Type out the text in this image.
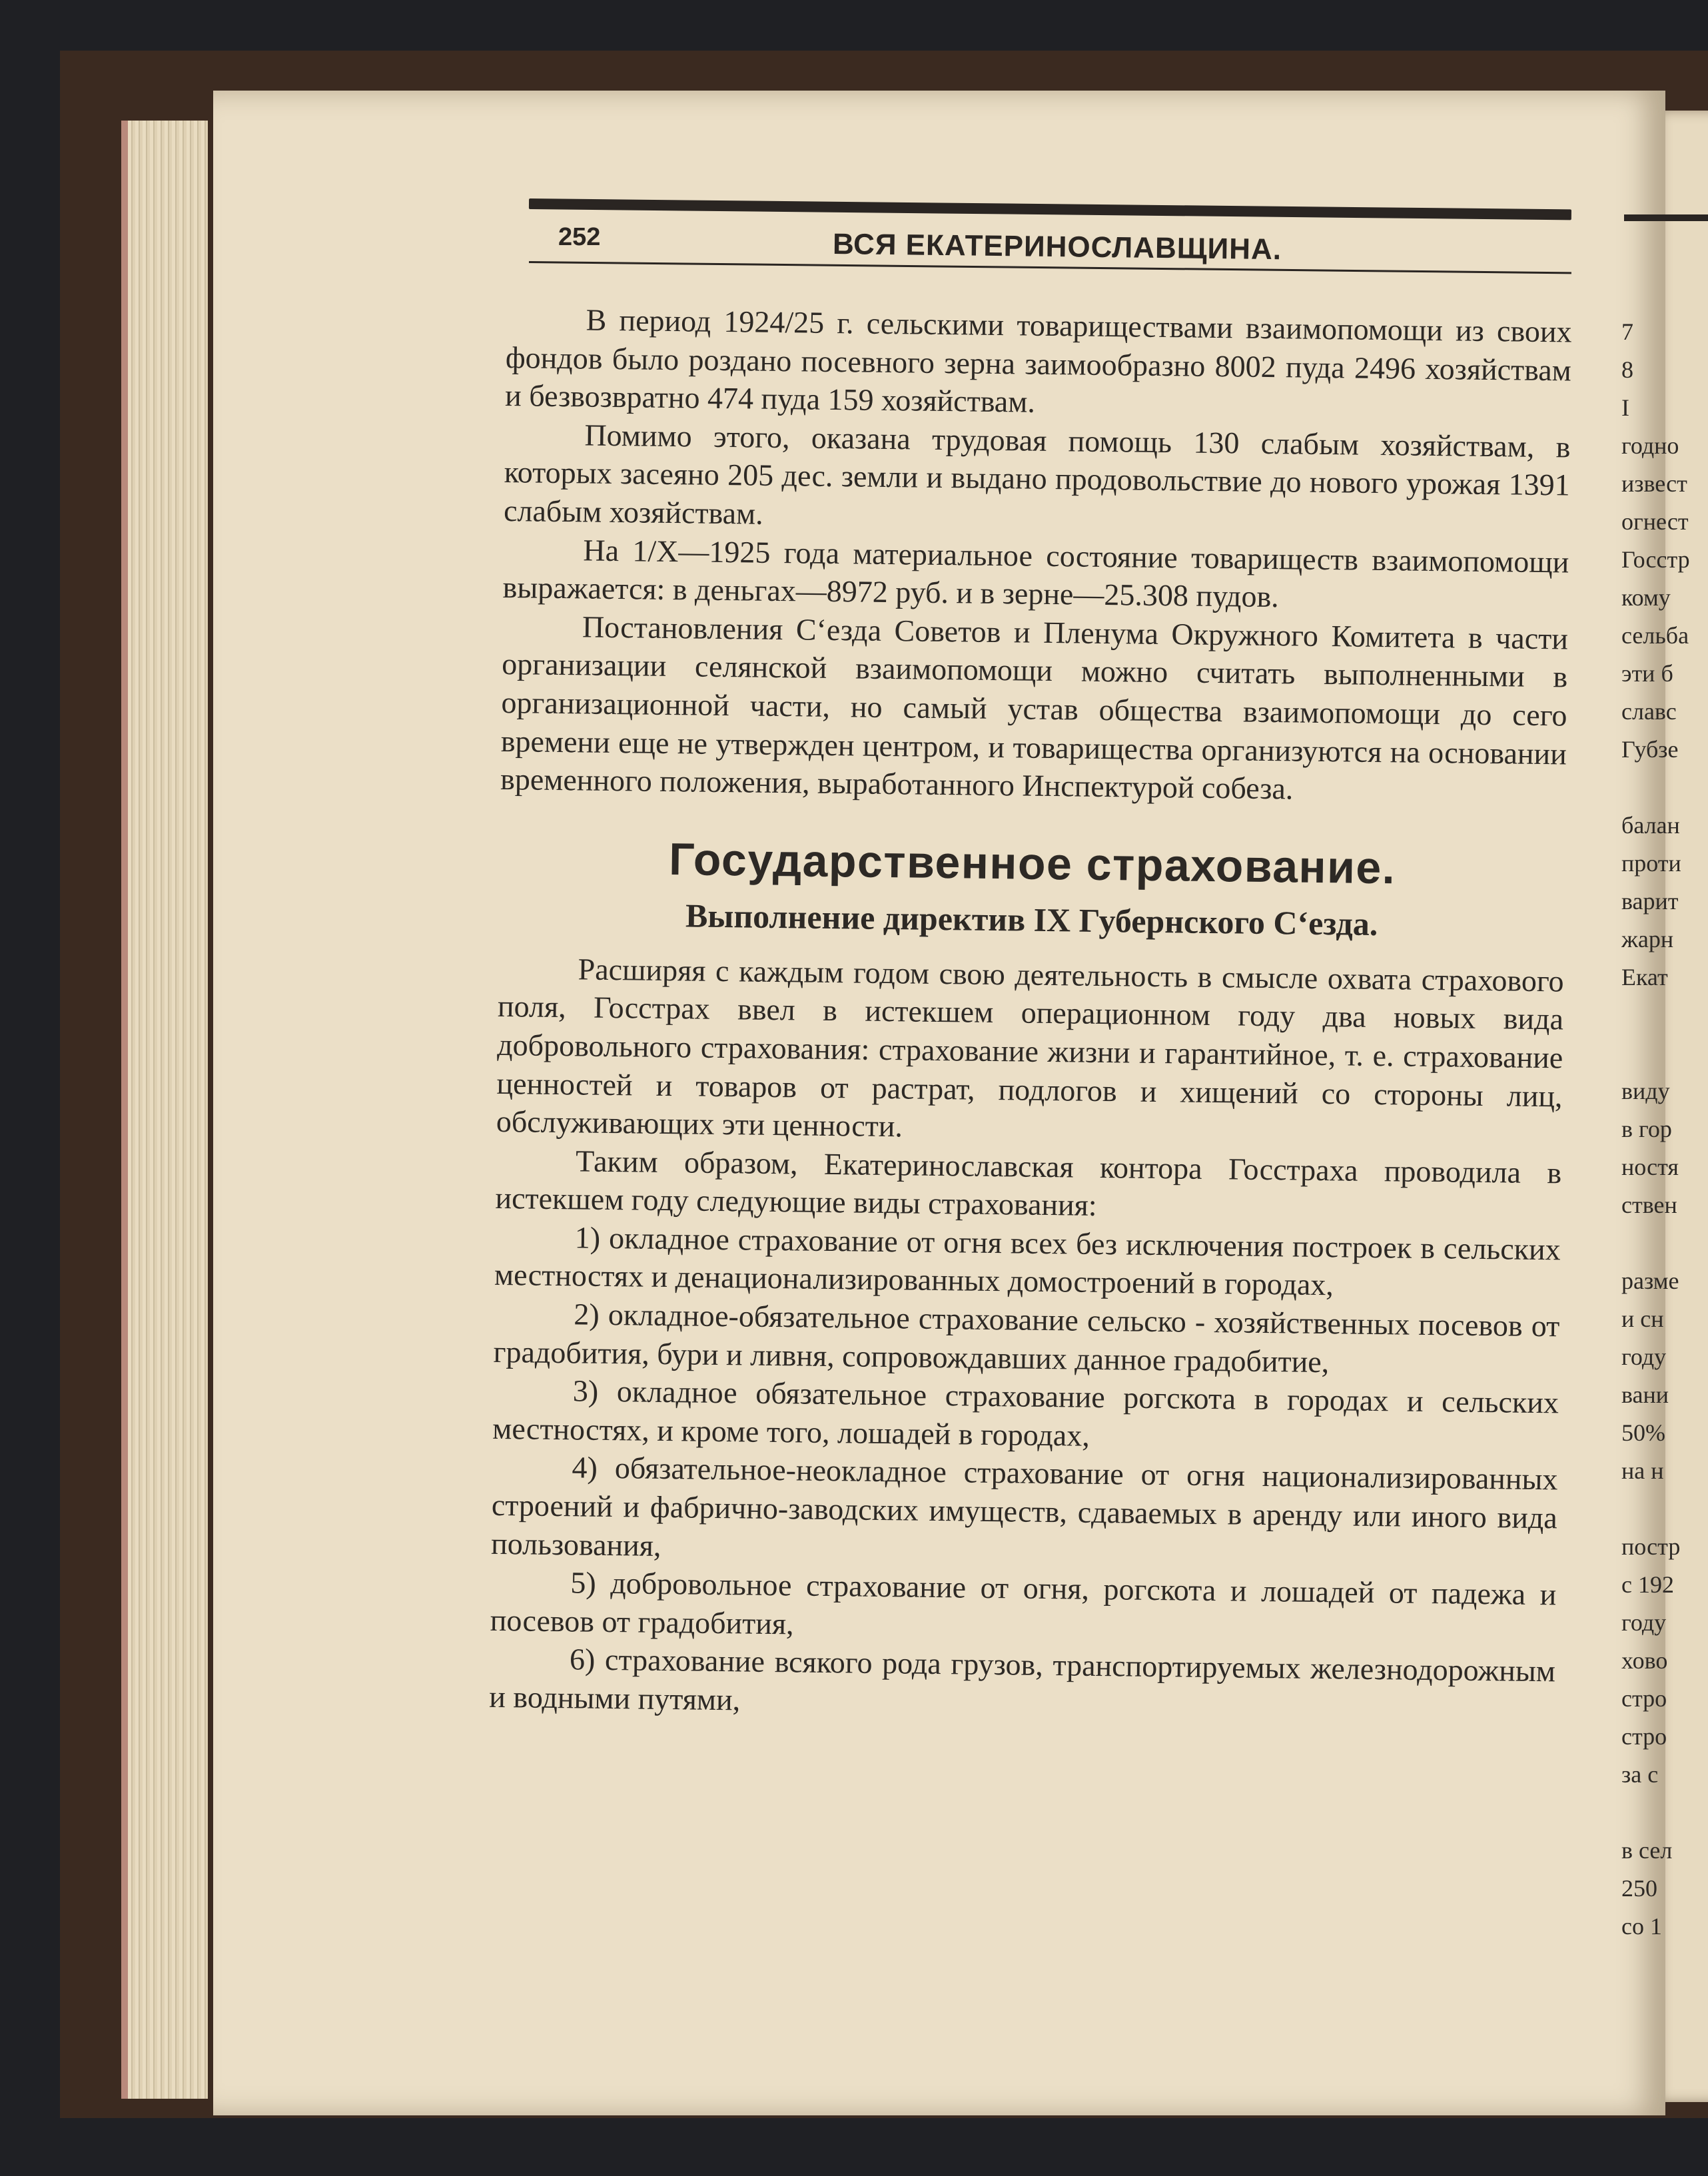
252	ВСЯ ЕКАТЕРИНОСЛАВЩИНА.

В период 1924/25 г. сельскими товариществами взаимопомощи из своих фондов было роздано посевного зерна заимообразно 8002 пуда 2496 хозяйствам и безвозвратно 474 пуда 159 хозяйствам.

Помимо этого, оказана трудовая помощь 130 слабым хозяйствам, в которых засеяно 205 дес. земли и выдано продовольствие до нового урожая 1391 слабым хозяйствам.

На 1/X—1925 года материальное состояние товариществ взаимопомощи выражается: в деньгах—8972 руб. и в зерне—25.308 пудов.

Постановления С‘езда Советов и Пленума Окружного Комитета в части организации селянской взаимопомощи можно считать выполненными в организационной части, но самый устав общества взаимопомощи до сего времени еще не утвержден центром, и товарищества организуются на основании временного положения, выработанного Инспектурой собеза.

Государственное страхование.
Выполнение директив IX Губернского С‘езда.

Расширяя с каждым годом свою деятельность в смысле охвата страхового поля, Госстрах ввел в истекшем операционном году два новых вида добровольного страхования: страхование жизни и гарантийное, т. е. страхование ценностей и товаров от растрат, подлогов и хищений со стороны лиц, обслуживающих эти ценности.

Таким образом, Екатеринославская контора Госстраха проводила в истекшем году следующие виды страхования:

1) окладное страхование от огня всех без исключения построек в сельских местностях и денационализированных домостроений в городах,

2) окладное-обязательное страхование сельско - хозяйственных посевов от градобития, бури и ливня, сопровождавших данное градобитие,

3) окладное обязательное страхование рогскота в городах и сельских местностях, и кроме того, лошадей в городах,

4) обязательное-неокладное страхование от огня национализированных строений и фабрично-заводских имуществ, сдаваемых в аренду или иного вида пользования,

5) добровольное страхование от огня, рогскота и лошадей от падежа и посевов от градобития,

6) страхование всякого рода грузов, транспортируемых железнодорожным и водными путями,

7
8
I
годно
извест
огнест
Госстр
кому
сельба
эти б
славс
Губзе
балан
проти
варит
жарн
Екат
виду
в гор
ностя
ствен
разме
и сн
году
вани
50%
на н
постр
с 192
году
хово
стро
стро
за с
в сел
250
со 1
